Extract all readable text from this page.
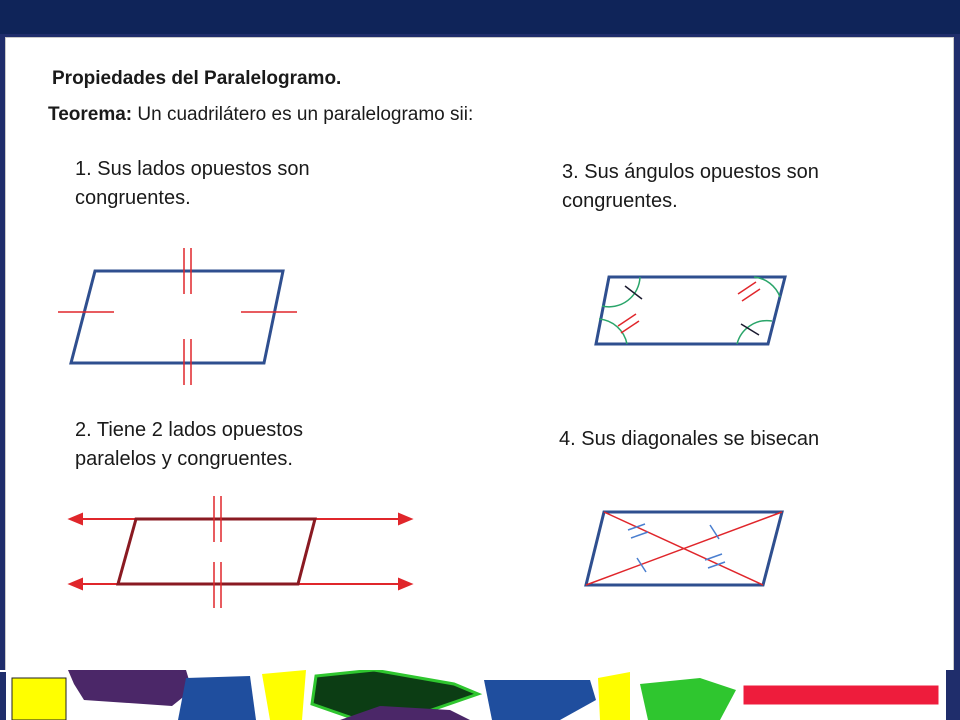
Propiedades del Paralelogramo.
Teorema: Un cuadrilátero es un paralelogramo sii:
1. Sus lados opuestos son congruentes.
2. Tiene 2 lados opuestos paralelos y congruentes.
3. Sus ángulos opuestos son congruentes.
4. Sus diagonales se bisecan
